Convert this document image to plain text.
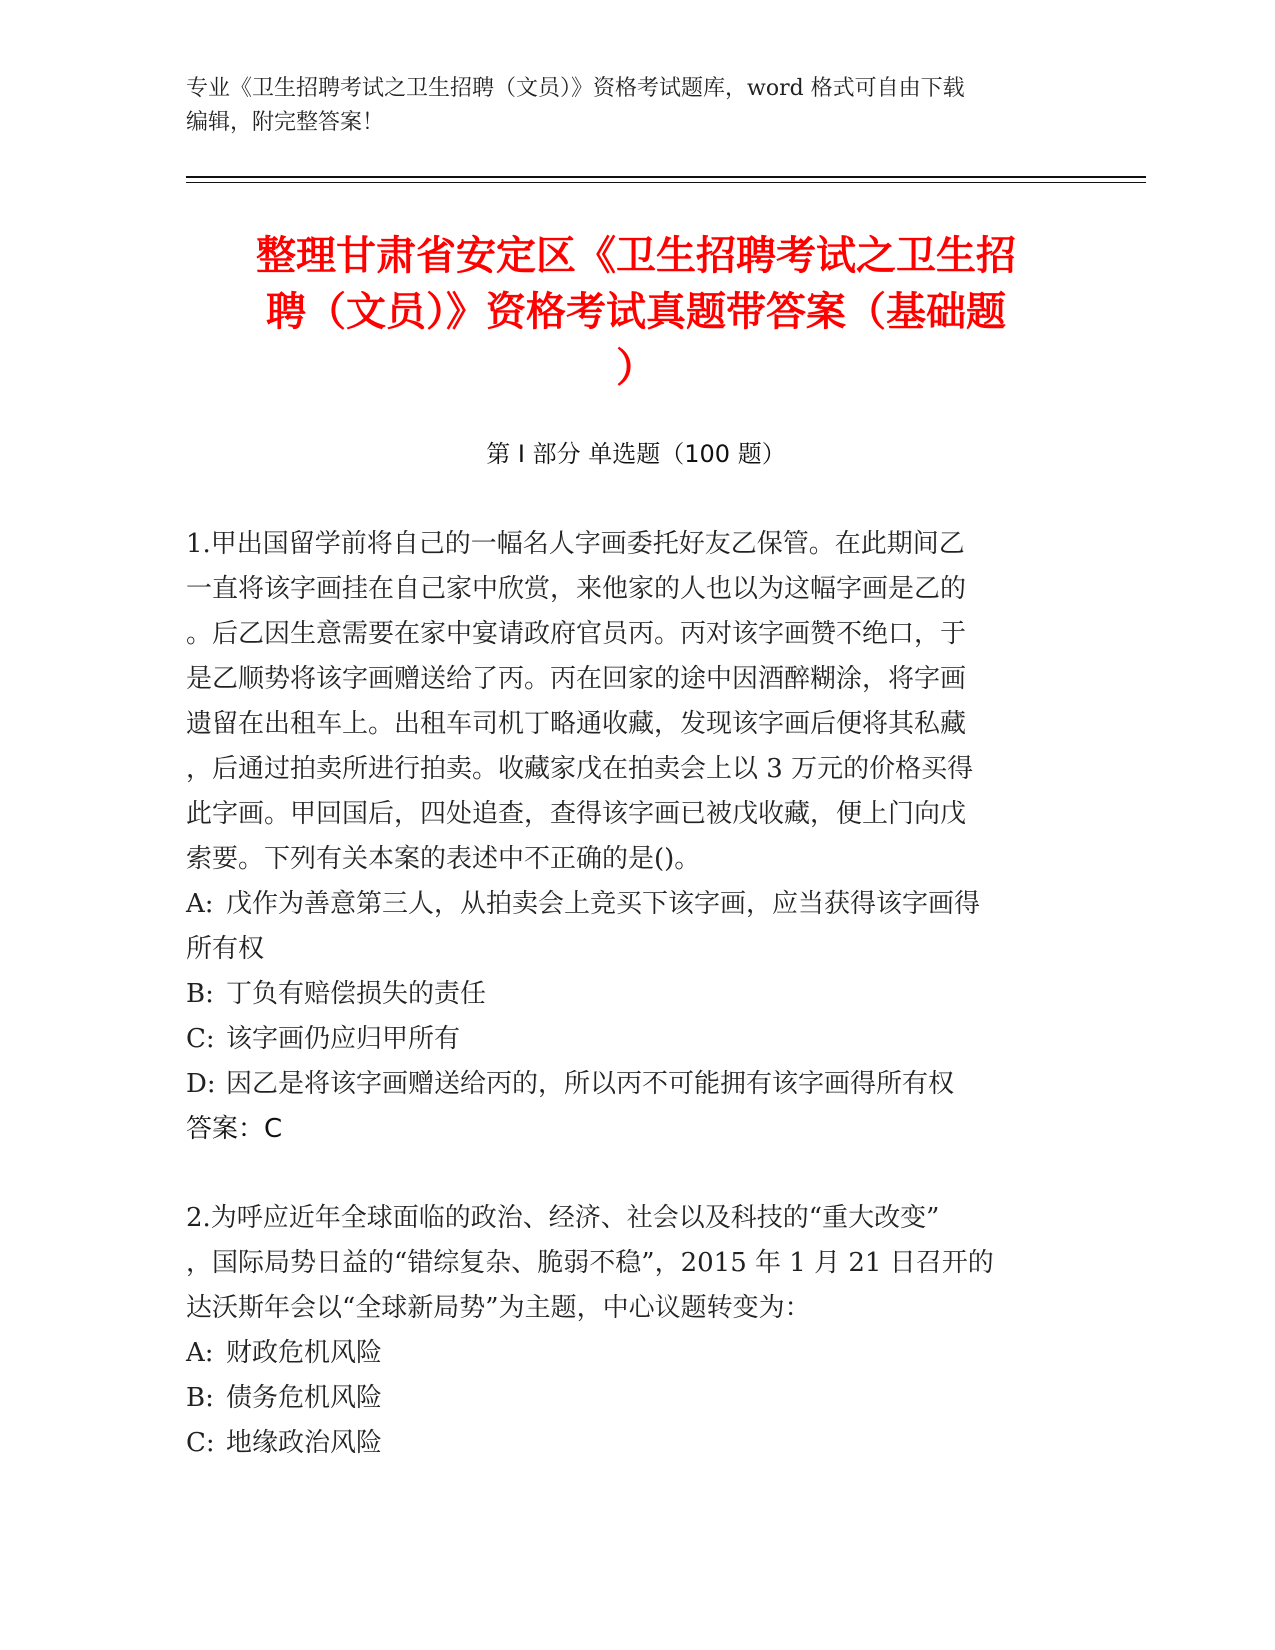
专业《卫生招聘考试之卫生招聘（文员）》资格考试题库，word 格式可自由下载

编辑，附完整答案！

整理甘肃省安定区《卫生招聘考试之卫生招

聘（文员）》资格考试真题带答案（基础题

）

第 I 部分 单选题（100 题）

1.甲出国留学前将自己的一幅名人字画委托好友乙保管。在此期间乙

一直将该字画挂在自己家中欣赏，来他家的人也以为这幅字画是乙的

。后乙因生意需要在家中宴请政府官员丙。丙对该字画赞不绝口，于

是乙顺势将该字画赠送给了丙。丙在回家的途中因酒醉糊涂，将字画

遗留在出租车上。出租车司机丁略通收藏，发现该字画后便将其私藏

，后通过拍卖所进行拍卖。收藏家戊在拍卖会上以 3 万元的价格买得

此字画。甲回国后，四处追查，查得该字画已被戊收藏，便上门向戊

索要。下列有关本案的表述中不正确的是()。

A: 戊作为善意第三人，从拍卖会上竞买下该字画，应当获得该字画得

所有权

B: 丁负有赔偿损失的责任

C: 该字画仍应归甲所有

D: 因乙是将该字画赠送给丙的，所以丙不可能拥有该字画得所有权

答案：C

2.为呼应近年全球面临的政治、经济、社会以及科技的“重大改变”

，国际局势日益的“错综复杂、脆弱不稳”，2015 年 1 月 21 日召开的

达沃斯年会以“全球新局势”为主题，中心议题转变为：

A: 财政危机风险

B: 债务危机风险

C: 地缘政治风险
